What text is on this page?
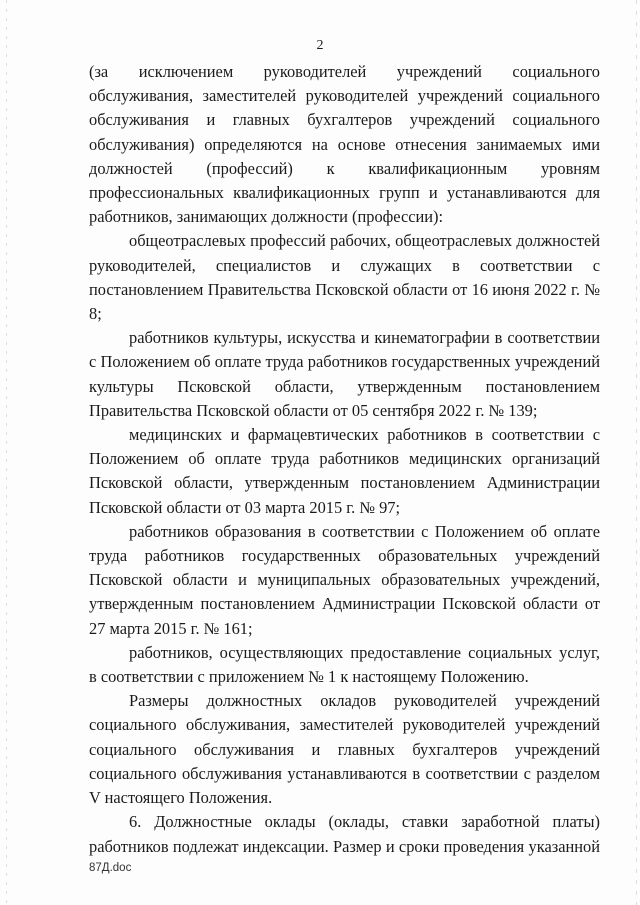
2

(за исключением руководителей учреждений социального обслуживания, заместителей руководителей учреждений социального обслуживания и главных бухгалтеров учреждений социального обслуживания) определяются на основе отнесения занимаемых ими должностей (профессий) к квалификационным уровням профессиональных квалификационных групп и устанавливаются для работников, занимающих должности (профессии):

общеотраслевых профессий рабочих, общеотраслевых должностей руководителей, специалистов и служащих в соответствии с постановлением Правительства Псковской области от 16 июня 2022 г. № 8;

работников культуры, искусства и кинематографии в соответствии с Положением об оплате труда работников государственных учреждений культуры Псковской области, утвержденным постановлением Правительства Псковской области от 05 сентября 2022 г. № 139;

медицинских и фармацевтических работников в соответствии с Положением об оплате труда работников медицинских организаций Псковской области, утвержденным постановлением Администрации Псковской области от 03 марта 2015 г. № 97;

работников образования в соответствии с Положением об оплате труда работников государственных образовательных учреждений Псковской области и муниципальных образовательных учреждений, утвержденным постановлением Администрации Псковской области от 27 марта 2015 г. № 161;

работников, осуществляющих предоставление социальных услуг, в соответствии с приложением № 1 к настоящему Положению.

Размеры должностных окладов руководителей учреждений социального обслуживания, заместителей руководителей учреждений социального обслуживания и главных бухгалтеров учреждений социального обслуживания устанавливаются в соответствии с разделом V настоящего Положения.

6. Должностные оклады (оклады, ставки заработной платы) работников подлежат индексации. Размер и сроки проведения указанной

87Д.doc
